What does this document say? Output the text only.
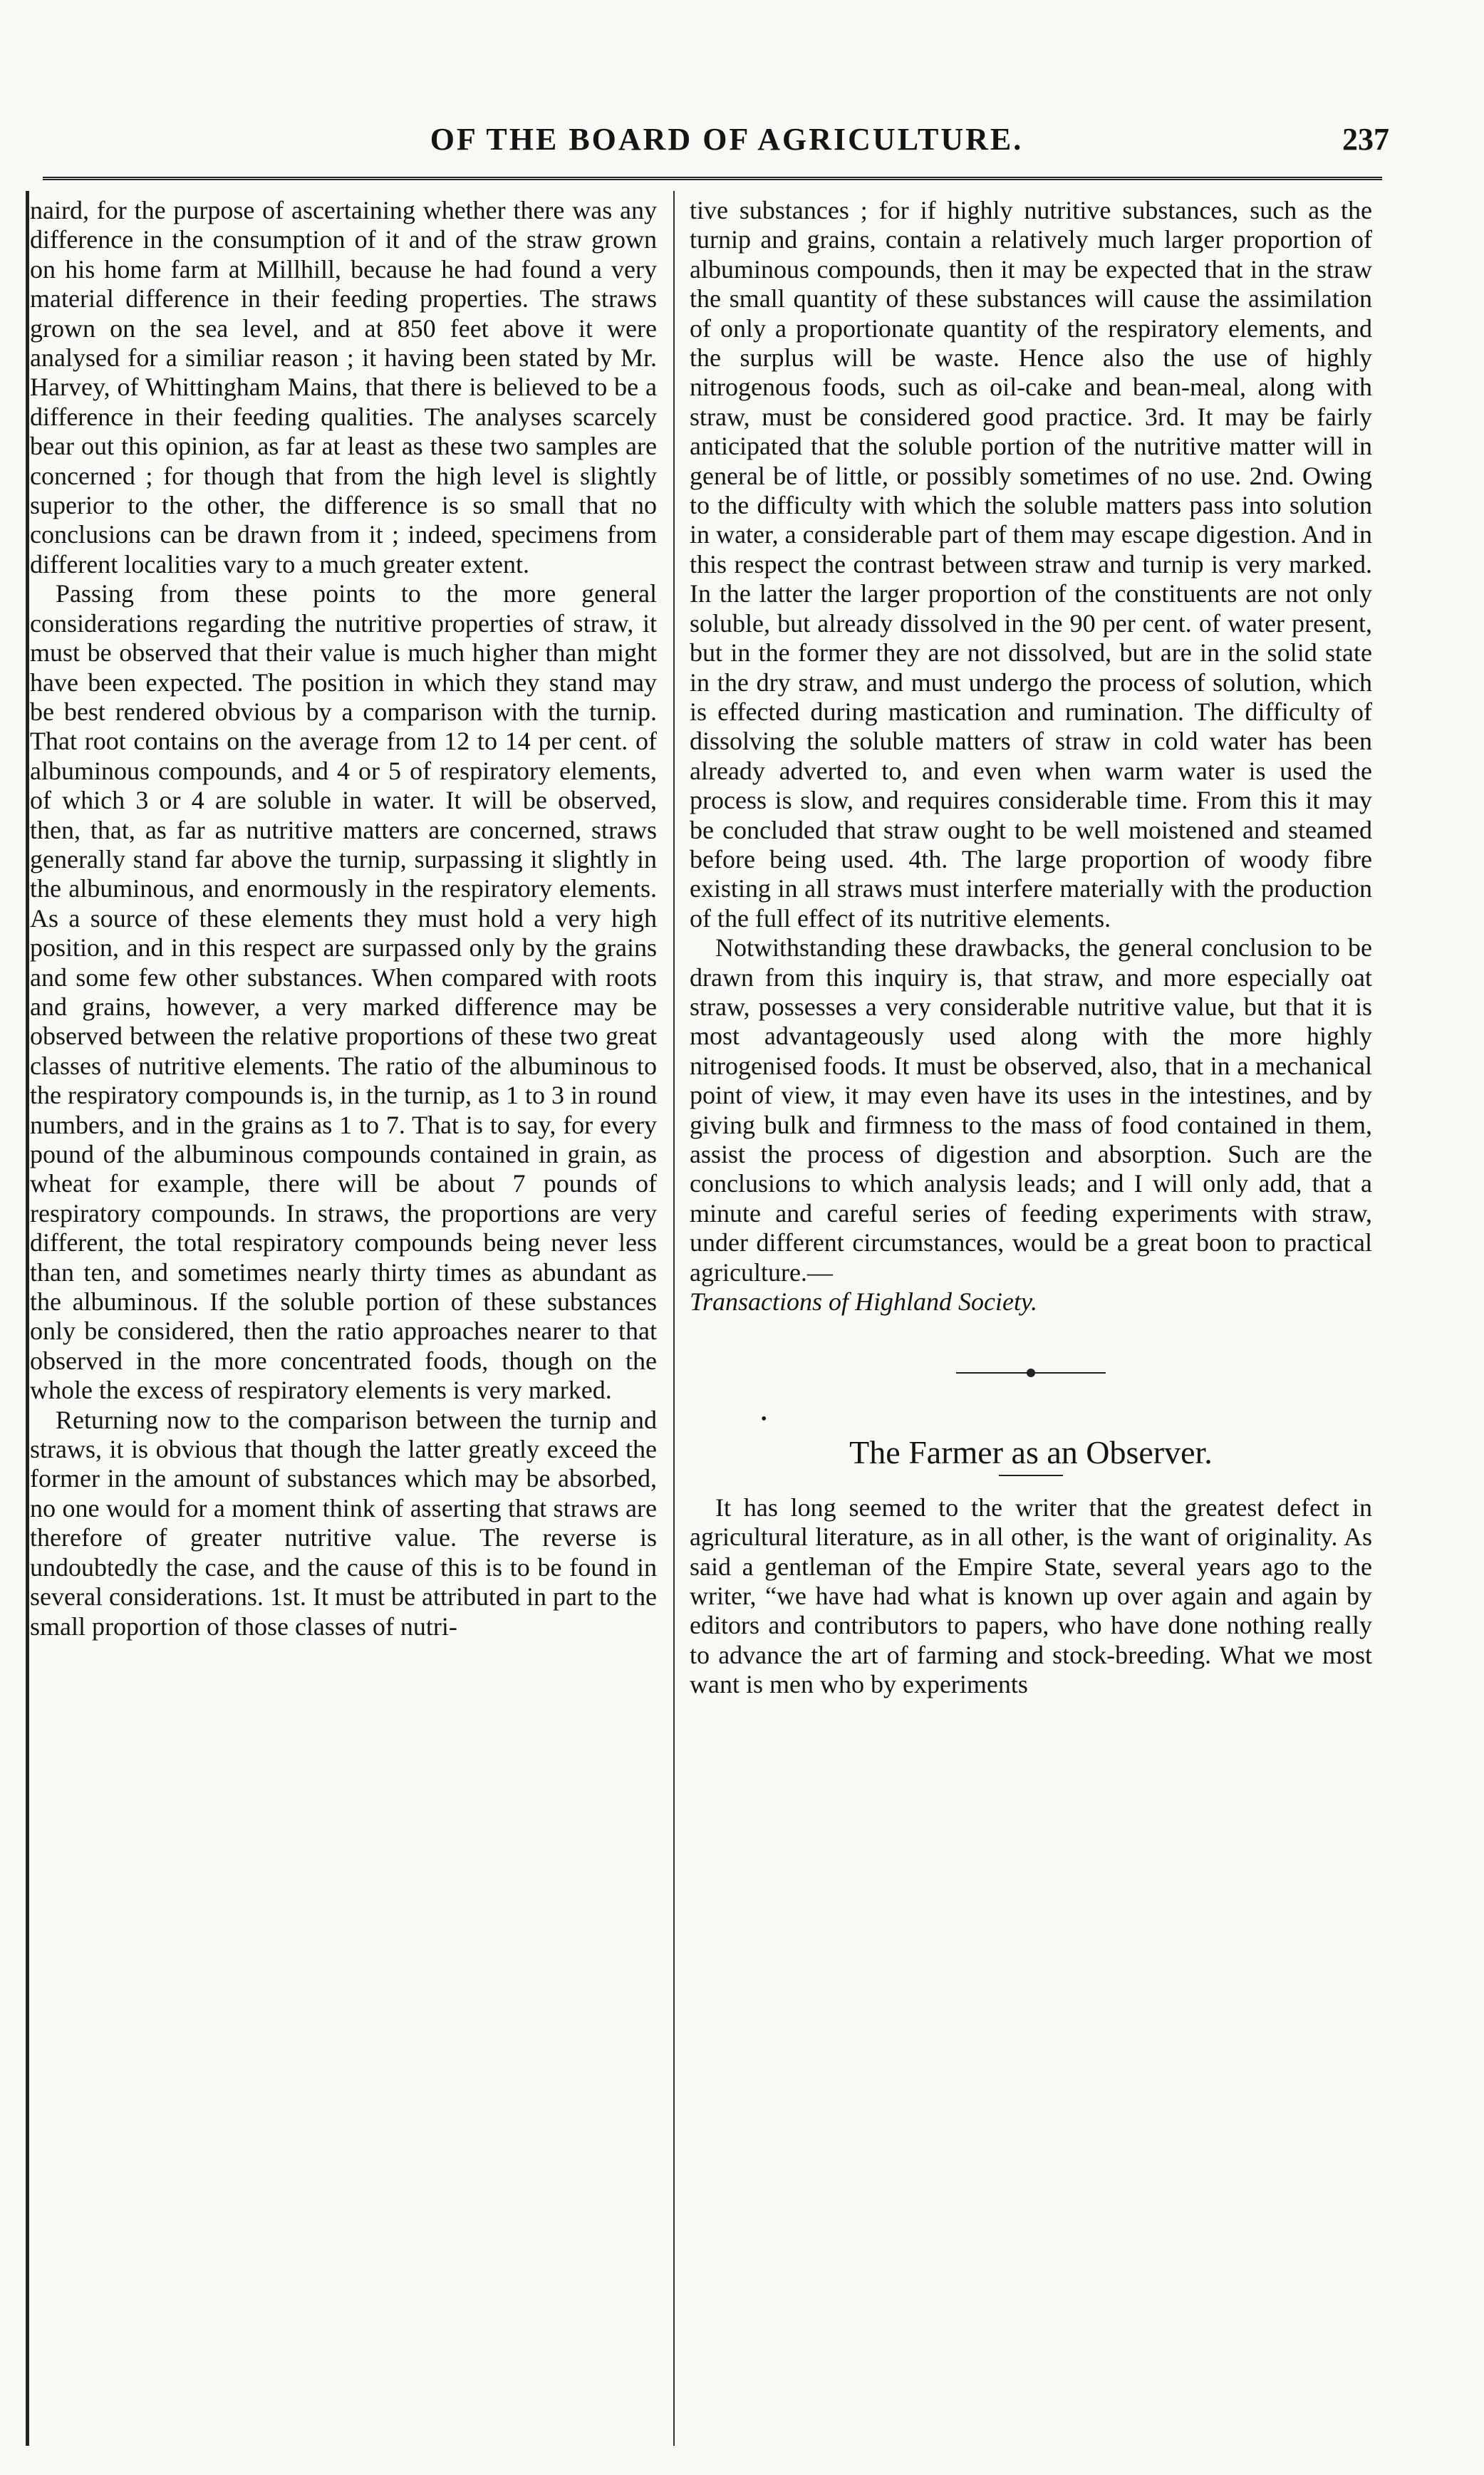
OF THE BOARD OF AGRICULTURE.	237

naird, for the purpose of ascertaining whether there was any difference in the consumption of it and of the straw grown on his home farm at Millhill, because he had found a very material difference in their feeding properties. The straws grown on the sea level, and at 850 feet above it were analysed for a similiar reason ; it having been stated by Mr. Harvey, of Whittingham Mains, that there is believed to be a difference in their feeding qualities. The analyses scarcely bear out this opinion, as far at least as these two samples are concerned ; for though that from the high level is slightly superior to the other, the difference is so small that no conclusions can be drawn from it ; indeed, specimens from different localities vary to a much greater extent.

Passing from these points to the more general considerations regarding the nutritive properties of straw, it must be observed that their value is much higher than might have been expected. The position in which they stand may be best rendered obvious by a comparison with the turnip. That root contains on the average from 12 to 14 per cent. of albuminous compounds, and 4 or 5 of respiratory elements, of which 3 or 4 are soluble in water. It will be observed, then, that, as far as nutritive matters are concerned, straws generally stand far above the turnip, surpassing it slightly in the albuminous, and enormously in the respiratory elements. As a source of these elements they must hold a very high position, and in this respect are surpassed only by the grains and some few other substances. When compared with roots and grains, however, a very marked difference may be observed between the relative proportions of these two great classes of nutritive elements. The ratio of the albuminous to the respiratory compounds is, in the turnip, as 1 to 3 in round numbers, and in the grains as 1 to 7. That is to say, for every pound of the albuminous compounds contained in grain, as wheat for example, there will be about 7 pounds of respiratory compounds. In straws, the proportions are very different, the total respiratory compounds being never less than ten, and sometimes nearly thirty times as abundant as the albuminous. If the soluble portion of these substances only be considered, then the ratio approaches nearer to that observed in the more concentrated foods, though on the whole the excess of respiratory elements is very marked.

Returning now to the comparison between the turnip and straws, it is obvious that though the latter greatly exceed the former in the amount of substances which may be absorbed, no one would for a moment think of asserting that straws are therefore of greater nutritive value. The reverse is undoubtedly the case, and the cause of this is to be found in several considerations. 1st. It must be attributed in part to the small proportion of those classes of nutri-

tive substances ; for if highly nutritive substances, such as the turnip and grains, contain a relatively much larger proportion of albuminous compounds, then it may be expected that in the straw the small quantity of these substances will cause the assimilation of only a proportionate quantity of the respiratory elements, and the surplus will be waste. Hence also the use of highly nitrogenous foods, such as oil-cake and bean-meal, along with straw, must be considered good practice. 3rd. It may be fairly anticipated that the soluble portion of the nutritive matter will in general be of little, or possibly sometimes of no use. 2nd. Owing to the difficulty with which the soluble matters pass into solution in water, a considerable part of them may escape digestion. And in this respect the contrast between straw and turnip is very marked. In the latter the larger proportion of the constituents are not only soluble, but already dissolved in the 90 per cent. of water present, but in the former they are not dissolved, but are in the solid state in the dry straw, and must undergo the process of solution, which is effected during mastication and rumination. The difficulty of dissolving the soluble matters of straw in cold water has been already adverted to, and even when warm water is used the process is slow, and requires considerable time. From this it may be concluded that straw ought to be well moistened and steamed before being used. 4th. The large proportion of woody fibre existing in all straws must interfere materially with the production of the full effect of its nutritive elements.

Notwithstanding these drawbacks, the general conclusion to be drawn from this inquiry is, that straw, and more especially oat straw, possesses a very considerable nutritive value, but that it is most advantageously used along with the more highly nitrogenised foods. It must be observed, also, that in a mechanical point of view, it may even have its uses in the intestines, and by giving bulk and firmness to the mass of food contained in them, assist the process of digestion and absorption. Such are the conclusions to which analysis leads; and I will only add, that a minute and careful series of feeding experiments with straw, under different circumstances, would be a great boon to practical agriculture.—
Transactions of Highland Society.

•
The Farmer as an Observer.

It has long seemed to the writer that the greatest defect in agricultural literature, as in all other, is the want of originality. As said a gentleman of the Empire State, several years ago to the writer, “we have had what is known up over again and again by editors and contributors to papers, who have done nothing really to advance the art of farming and stock-breeding. What we most want is men who by experiments
